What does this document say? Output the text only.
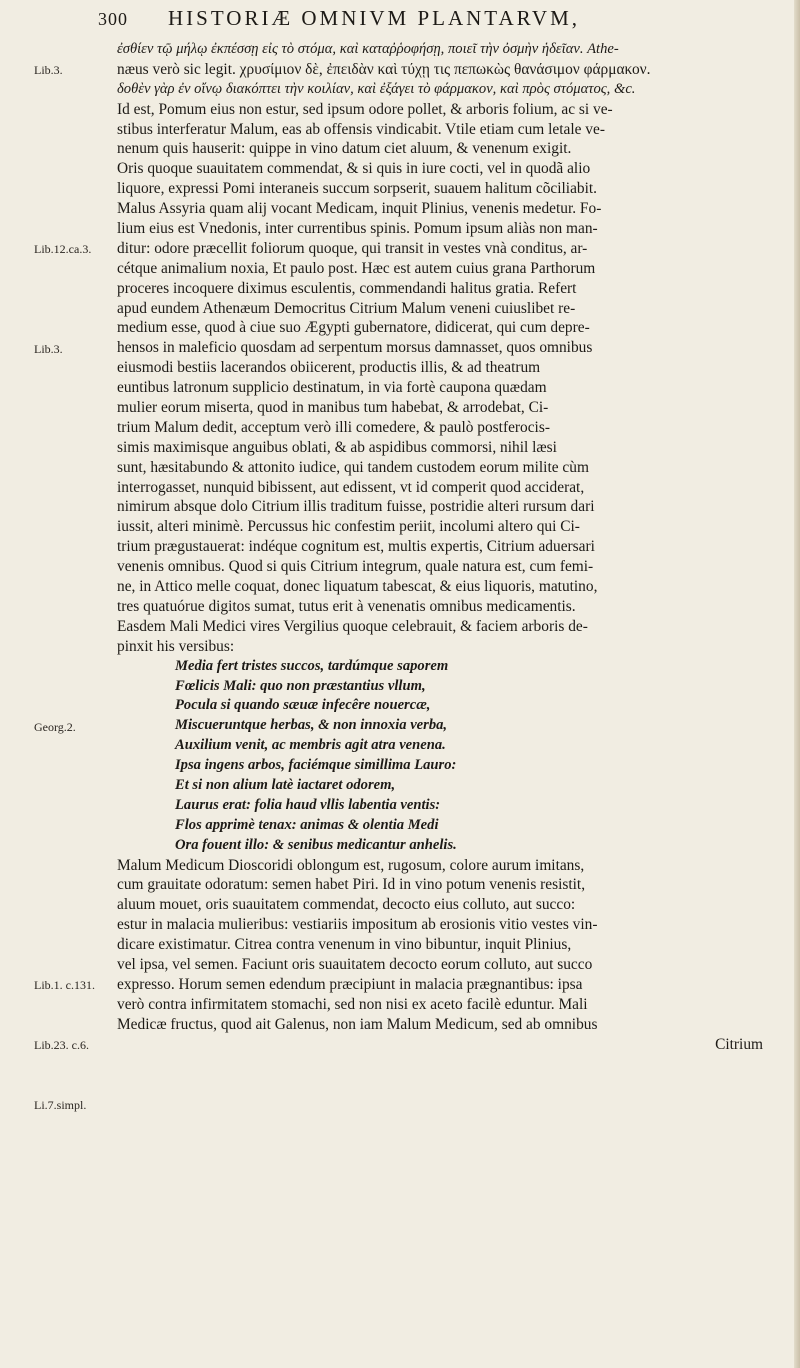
300	HISTORIÆ OMNIVM PLANTARVM,
Lib.3.
Lib.12.ca.3.
Lib.3.
Georg.2.
Lib.1. c.131.
Lib.23. c.6.
Li.7.simpl.
ἐσθίεν τῷ μήλῳ ἐκπέσσῃ εἰς τὸ στόμα, καὶ καταῤῥοφήσῃ, ποιεῖ τὴν ὀσμὴν ἡδεῖαν. Athe-
næus verò sic legit. χρυσίμιον δὲ, ἐπειδὰν καὶ τύχῃ τις πεπωκὼς θανάσιμον φάρμακον.
δοθὲν γὰρ ἐν οἴνῳ διακόπτει τὴν κοιλίαν, καὶ ἐξάγει τὸ φάρμακον, καὶ πρὸς στόματος, &c.
Id est, Pomum eius non estur, sed ipsum odore pollet, & arboris folium, ac si ve-
stibus interferatur Malum, eas ab offensis vindicabit. Vtile etiam cum letale ve-
nenum quis hauserit: quippe in vino datum ciet aluum, & venenum exigit.
Oris quoque suauitatem commendat, & si quis in iure cocti, vel in quodã alio
liquore, expressi Pomi interaneis succum sorpserit, suauem halitum cõciliabit.
Malus Assyria quam alij vocant Medicam, inquit Plinius, venenis medetur. Fo-
lium eius est Vnedonis, inter currentibus spinis. Pomum ipsum aliàs non man-
ditur: odore præcellit foliorum quoque, qui transit in vestes vnà conditus, ar-
cétque animalium noxia, Et paulo post. Hæc est autem cuius grana Parthorum
proceres incoquere diximus esculentis, commendandi halitus gratia. Refert
apud eundem Athenæum Democritus Citrium Malum veneni cuiuslibet re-
medium esse, quod à ciue suo Ægypti gubernatore, didicerat, qui cum depre-
hensos in maleficio quosdam ad serpentum morsus damnasset, quos omnibus
eiusmodi bestiis lacerandos obiicerent, productis illis, & ad theatrum
euntibus latronum supplicio destinatum, in via fortè caupona quædam
mulier eorum miserta, quod in manibus tum habebat, & arrodebat, Ci-
trium Malum dedit, acceptum verò illi comedere, & paulò postferocis-
simis maximisque anguibus oblati, & ab aspidibus commorsi, nihil læsi
sunt, hæsitabundo & attonito iudice, qui tandem custodem eorum milite cùm
interrogasset, nunquid bibissent, aut edissent, vt id comperit quod acciderat,
nimirum absque dolo Citrium illis traditum fuisse, postridie alteri rursum dari
iussit, alteri minimè. Percussus hic confestim periit, incolumi altero qui Ci-
trium prægustauerat: indéque cognitum est, multis expertis, Citrium aduersari
venenis omnibus. Quod si quis Citrium integrum, quale natura est, cum femi-
ne, in Attico melle coquat, donec liquatum tabescat, & eius liquoris, matutino,
tres quatuórue digitos sumat, tutus erit à venenatis omnibus medicamentis.
Easdem Mali Medici vires Vergilius quoque celebrauit, & faciem arboris de-
pinxit his versibus:
Media fert tristes succos, tardúmque saporem
Fœlicis Mali: quo non præstantius vllum,
Pocula si quando sæuæ infecêre nouercæ,
Miscueruntque herbas, & non innoxia verba,
Auxilium venit, ac membris agit atra venena.
Ipsa ingens arbos, faciémque simillima Lauro:
Et si non alium latè iactaret odorem,
Laurus erat: folia haud vllis labentia ventis:
Flos apprimè tenax: animas & olentia Medi
Ora fouent illo: & senibus medicantur anhelis.
Malum Medicum Dioscoridi oblongum est, rugosum, colore aurum imitans,
cum grauitate odoratum: semen habet Piri. Id in vino potum venenis resistit,
aluum mouet, oris suauitatem commendat, decocto eius colluto, aut succo:
estur in malacia mulieribus: vestiariis impositum ab erosionis vitio vestes vin-
dicare existimatur. Citrea contra venenum in vino bibuntur, inquit Plinius,
vel ipsa, vel semen. Faciunt oris suauitatem decocto eorum colluto, aut succo
expresso. Horum semen edendum præcipiunt in malacia prægnantibus: ipsa
verò contra infirmitatem stomachi, sed non nisi ex aceto facilè eduntur. Mali
Medicæ fructus, quod ait Galenus, non iam Malum Medicum, sed ab omnibus
Citrium
